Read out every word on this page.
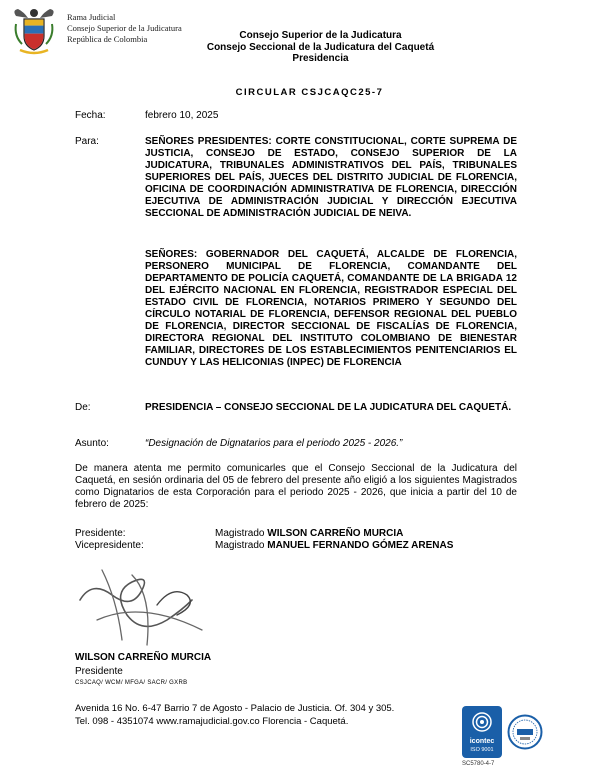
Rama Judicial
Consejo Superior de la Judicatura
República de Colombia	Consejo Superior de la Judicatura
Consejo Seccional de la Judicatura del Caquetá
Presidencia
CIRCULAR CSJCAQC25-7
Fecha:	febrero 10, 2025
Para:	SEÑORES PRESIDENTES: CORTE CONSTITUCIONAL, CORTE SUPREMA DE JUSTICIA, CONSEJO DE ESTADO, CONSEJO SUPERIOR DE LA JUDICATURA, TRIBUNALES ADMINISTRATIVOS DEL PAÍS, TRIBUNALES SUPERIORES DEL PAÍS, JUECES DEL DISTRITO JUDICIAL DE FLORENCIA, OFICINA DE COORDINACIÓN ADMINISTRATIVA DE FLORENCIA, DIRECCIÓN EJECUTIVA DE ADMINISTRACIÓN JUDICIAL Y DIRECCIÓN EJECUTIVA SECCIONAL DE ADMINISTRACIÓN JUDICIAL DE NEIVA.
SEÑORES: GOBERNADOR DEL CAQUETÁ, ALCALDE DE FLORENCIA, PERSONERO MUNICIPAL DE FLORENCIA, COMANDANTE DEL DEPARTAMENTO DE POLICÍA CAQUETÁ, COMANDANTE DE LA BRIGADA 12 DEL EJÉRCITO NACIONAL EN FLORENCIA, REGISTRADOR ESPECIAL DEL ESTADO CIVIL DE FLORENCIA, NOTARIOS PRIMERO Y SEGUNDO DEL CÍRCULO NOTARIAL DE FLORENCIA, DEFENSOR REGIONAL DEL PUEBLO DE FLORENCIA, DIRECTOR SECCIONAL DE FISCALÍAS DE FLORENCIA, DIRECTORA REGIONAL DEL INSTITUTO COLOMBIANO DE BIENESTAR FAMILIAR, DIRECTORES DE LOS ESTABLECIMIENTOS PENITENCIARIOS EL CUNDUY Y LAS HELICONIAS (INPEC) DE FLORENCIA
De:	PRESIDENCIA – CONSEJO SECCIONAL DE LA JUDICATURA DEL CAQUETÁ.
Asunto:	“Designación de Dignatarios para el periodo 2025 - 2026.”
De manera atenta me permito comunicarles que el Consejo Seccional de la Judicatura del Caquetá, en sesión ordinaria del 05 de febrero del presente año eligió a los siguientes Magistrados como Dignatarios de esta Corporación para el periodo 2025 - 2026, que inicia a partir del 10 de febrero de 2025:
Presidente:	Magistrado WILSON CARREÑO MURCIA
Vicepresidente:	Magistrado MANUEL FERNANDO GÓMEZ ARENAS
WILSON CARREÑO MURCIA
Presidente
CSJCAQ/ WCM/ MFGA/ SACR/ GXRB
Avenida 16 No. 6-47 Barrio 7 de Agosto - Palacio de Justicia. Of. 304 y 305.
Tel. 098 - 4351074 www.ramajudicial.gov.co Florencia - Caquetá.
icontec
ISO 9001
SC5780-4-7
